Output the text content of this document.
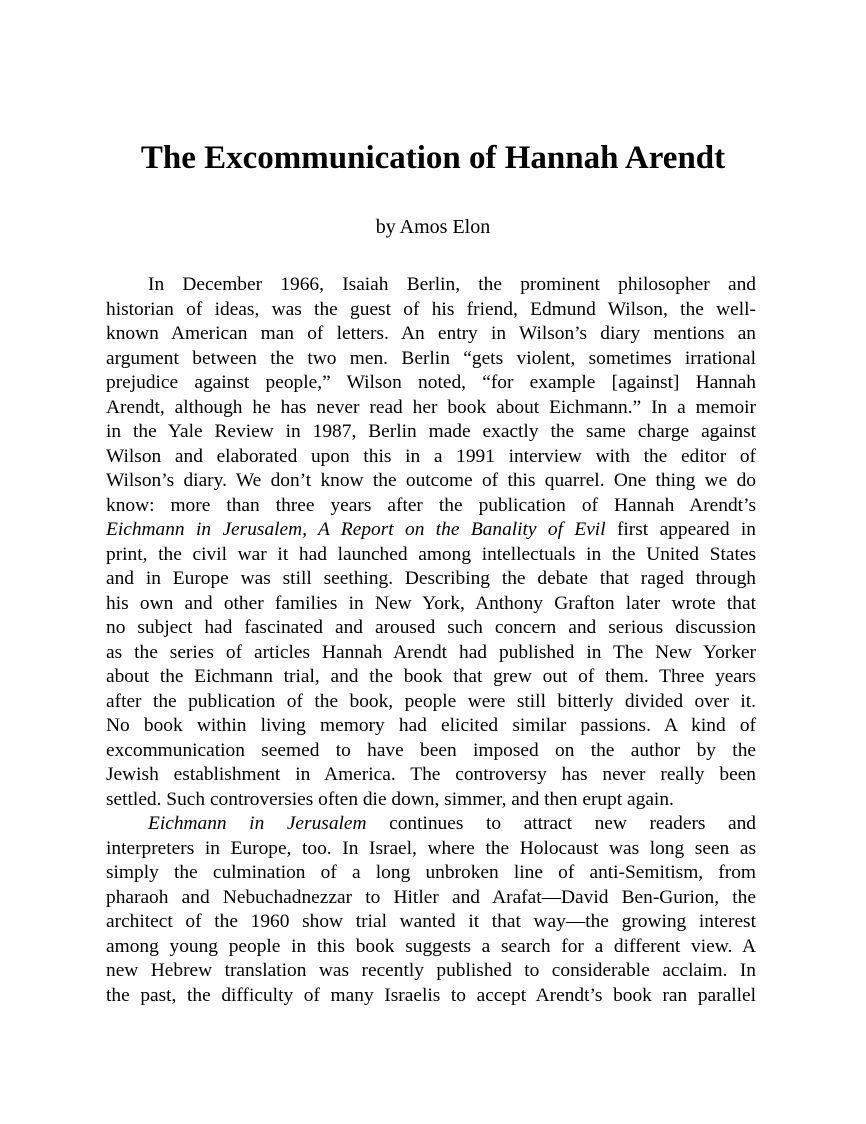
The Excommunication of Hannah Arendt

by Amos Elon

In December 1966, Isaiah Berlin, the prominent philosopher and
historian of ideas, was the guest of his friend, Edmund Wilson, the well-
known American man of letters. An entry in Wilson’s diary mentions an
argument between the two men. Berlin “gets violent, sometimes irrational
prejudice against people,” Wilson noted, “for example [against] Hannah
Arendt, although he has never read her book about Eichmann.” In a memoir
in the Yale Review in 1987, Berlin made exactly the same charge against
Wilson and elaborated upon this in a 1991 interview with the editor of
Wilson’s diary. We don’t know the outcome of this quarrel. One thing we do
know: more than three years after the publication of Hannah Arendt’s
Eichmann in Jerusalem, A Report on the Banality of Evil first appeared in
print, the civil war it had launched among intellectuals in the United States
and in Europe was still seething. Describing the debate that raged through
his own and other families in New York, Anthony Grafton later wrote that
no subject had fascinated and aroused such concern and serious discussion
as the series of articles Hannah Arendt had published in The New Yorker
about the Eichmann trial, and the book that grew out of them. Three years
after the publication of the book, people were still bitterly divided over it.
No book within living memory had elicited similar passions. A kind of
excommunication seemed to have been imposed on the author by the
Jewish establishment in America. The controversy has never really been
settled. Such controversies often die down, simmer, and then erupt again.
Eichmann in Jerusalem continues to attract new readers and
interpreters in Europe, too. In Israel, where the Holocaust was long seen as
simply the culmination of a long unbroken line of anti-Semitism, from
pharaoh and Nebuchadnezzar to Hitler and Arafat—David Ben-Gurion, the
architect of the 1960 show trial wanted it that way—the growing interest
among young people in this book suggests a search for a different view. A
new Hebrew translation was recently published to considerable acclaim. In
the past, the difficulty of many Israelis to accept Arendt’s book ran parallel
